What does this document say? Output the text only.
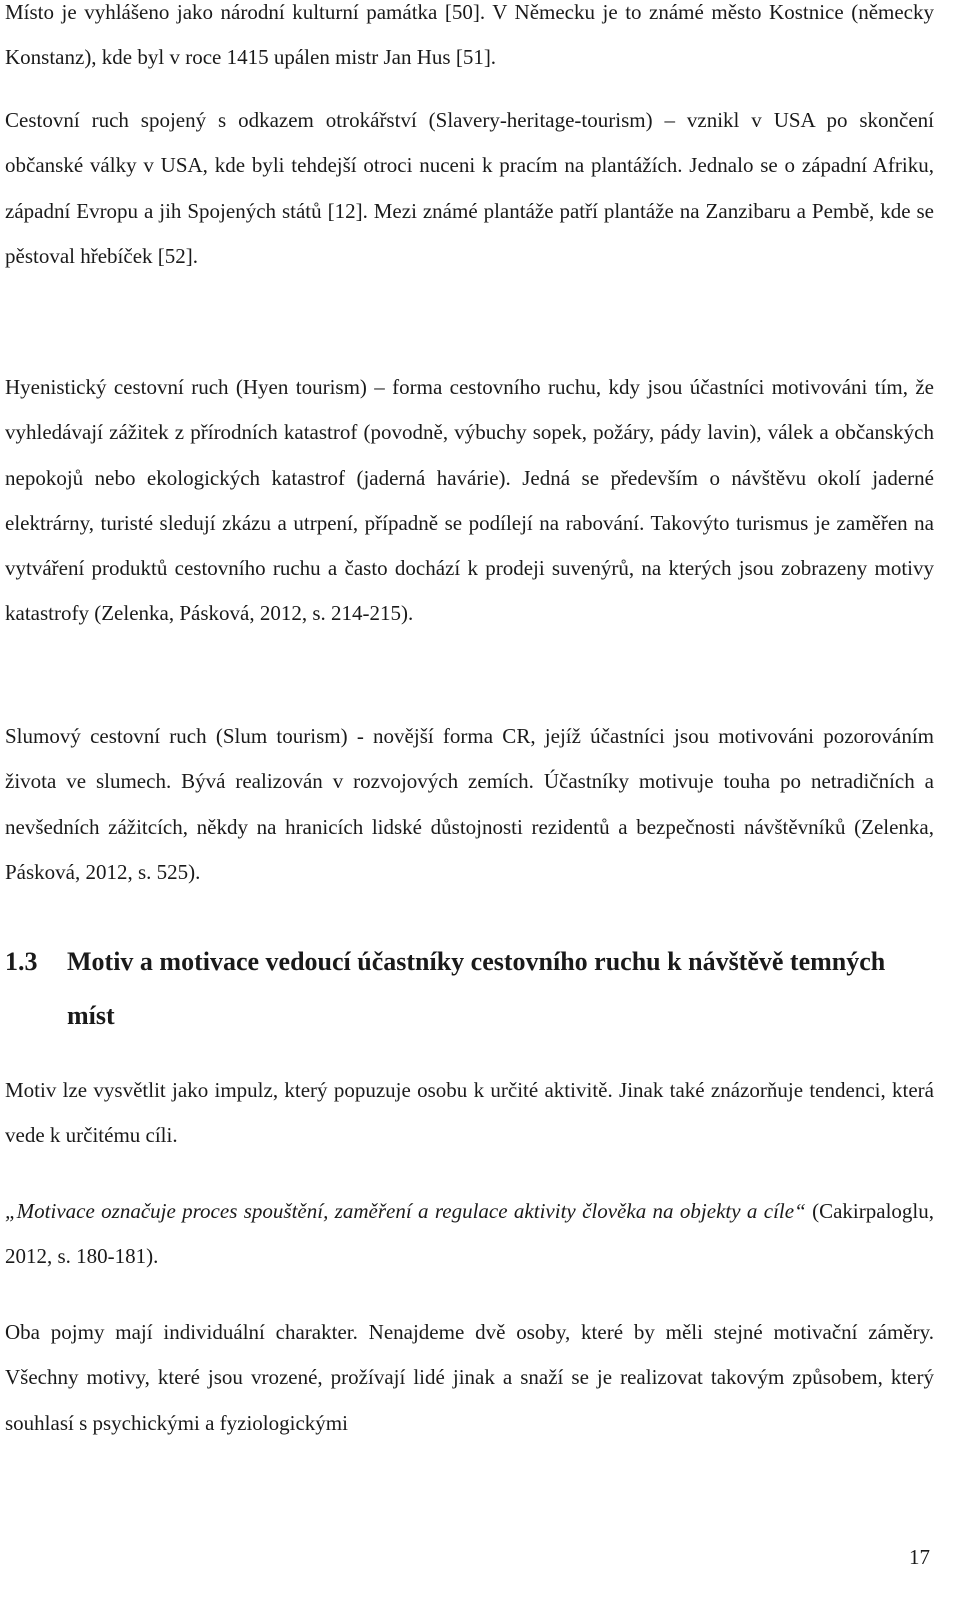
Místo je vyhlášeno jako národní kulturní památka [50]. V Německu je to známé město Kostnice (německy Konstanz), kde byl v roce 1415 upálen mistr Jan Hus [51].

Cestovní ruch spojený s odkazem otrokářství (Slavery-heritage-tourism) – vznikl v USA po skončení občanské války v USA, kde byli tehdejší otroci nuceni k pracím na plantážích. Jednalo se o západní Afriku, západní Evropu a jih Spojených států [12]. Mezi známé plantáže patří plantáže na Zanzibaru a Pembě, kde se pěstoval hřebíček [52].

Hyenistický cestovní ruch (Hyen tourism) – forma cestovního ruchu, kdy jsou účastníci motivováni tím, že vyhledávají zážitek z přírodních katastrof (povodně, výbuchy sopek, požáry, pády lavin), válek a občanských nepokojů nebo ekologických katastrof (jaderná havárie). Jedná se především o návštěvu okolí jaderné elektrárny, turisté sledují zkázu a utrpení, případně se podílejí na rabování. Takovýto turismus je zaměřen na vytváření produktů cestovního ruchu a často dochází k prodeji suvenýrů, na kterých jsou zobrazeny motivy katastrofy (Zelenka, Pásková, 2012, s. 214-215).

Slumový cestovní ruch (Slum tourism) - novější forma CR, jejíž účastníci jsou motivováni pozorováním života ve slumech. Bývá realizován v rozvojových zemích. Účastníky motivuje touha po netradičních a nevšedních zážitcích, někdy na hranicích lidské důstojnosti rezidentů a bezpečnosti návštěvníků (Zelenka, Pásková, 2012, s. 525).

1.3	Motiv a motivace vedoucí účastníky cestovního ruchu k návštěvě temných míst

Motiv lze vysvětlit jako impulz, který popuzuje osobu k určité aktivitě. Jinak také znázorňuje tendenci, která vede k určitému cíli.

„Motivace označuje proces spouštění, zaměření a regulace aktivity člověka na objekty a cíle“ (Cakirpaloglu, 2012, s. 180-181).

Oba pojmy mají individuální charakter. Nenajdeme dvě osoby, které by měli stejné motivační záměry. Všechny motivy, které jsou vrozené, prožívají lidé jinak a snaží se je realizovat takovým způsobem, který souhlasí s psychickými a fyziologickými

17
